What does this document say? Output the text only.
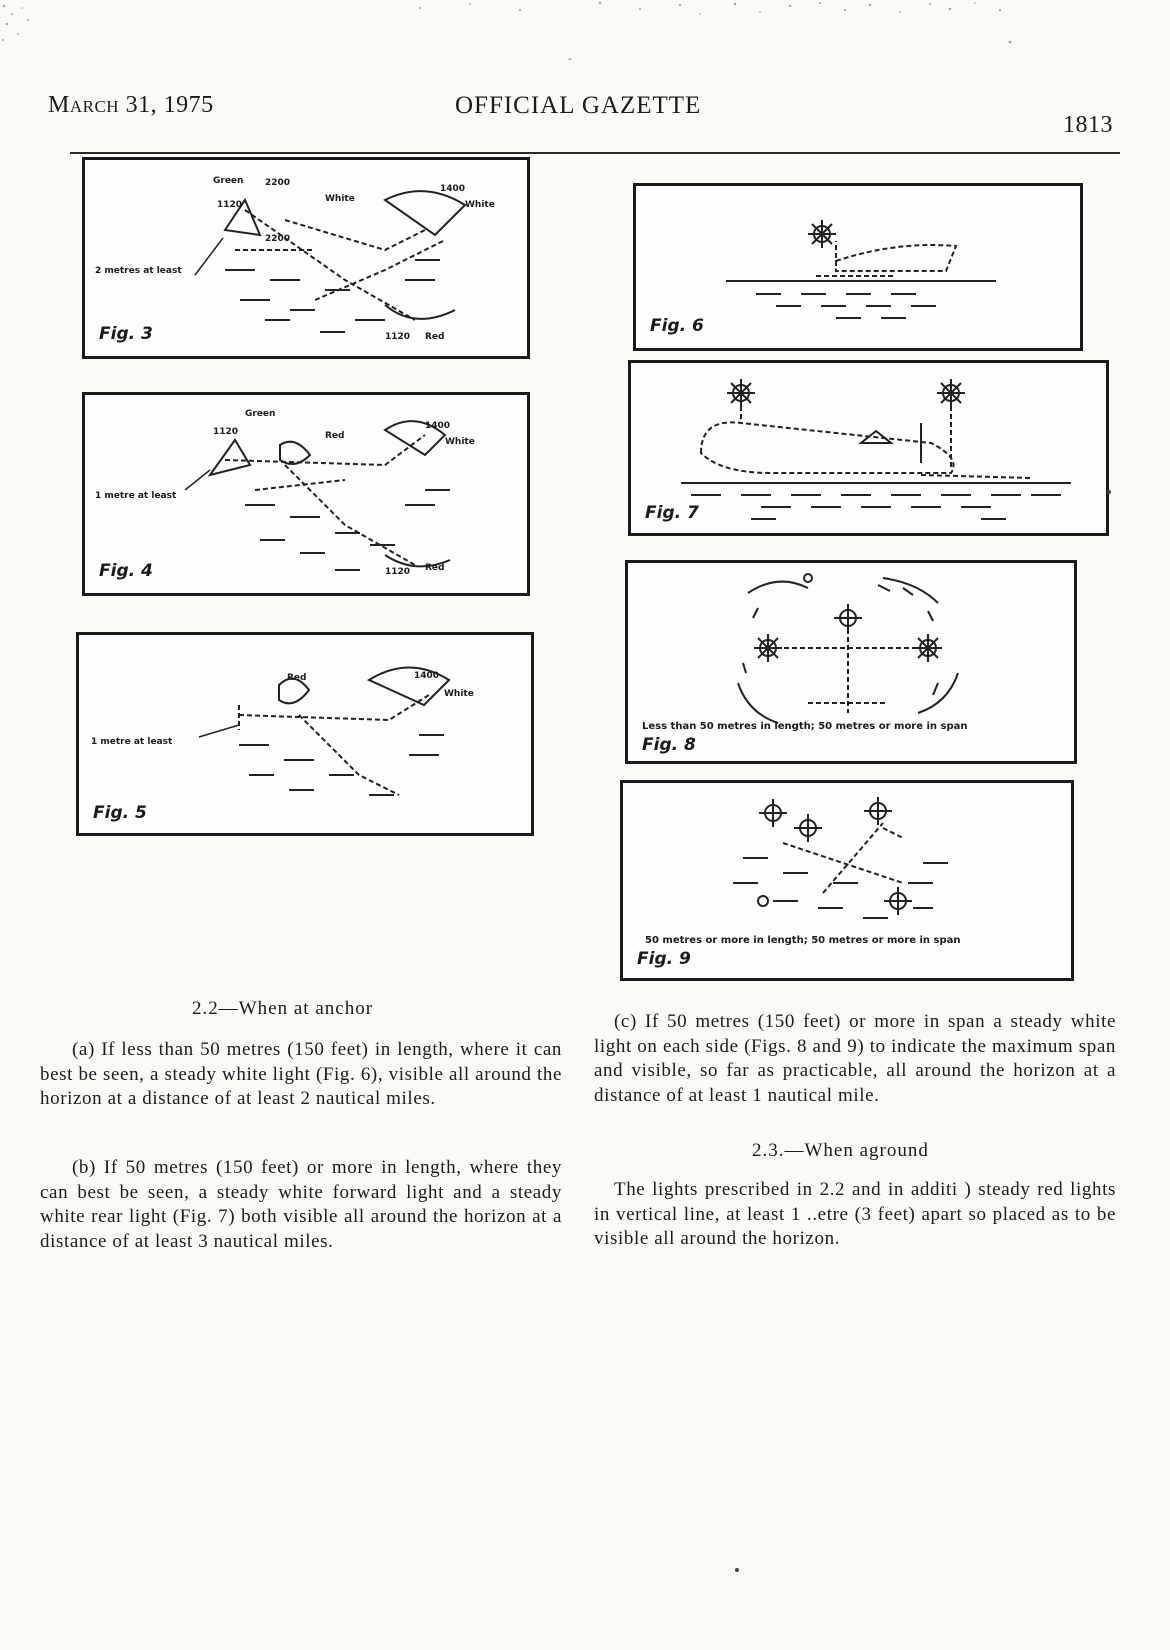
March 31, 1975	OFFICIAL GAZETTE
1813
Green 2200
White
1400
White
1120
2200
2 metres at least
1120 Red
Fig. 3
Green
1120	Red
1400
White
1 metre at least
1120 Red
Fig. 4
Red	1400
White
1 metre at least
Fig. 5
Fig. 6
Fig. 7
Less than 50 metres in length; 50 metres or more in span
Fig. 8
50 metres or more in length; 50 metres or more in span
Fig. 9
2.2—When at anchor
(a) If less than 50 metres (150 feet) in length, where it can best be seen, a steady white light (Fig. 6), visible all around the horizon at a distance of at least 2 nautical miles.
(b) If 50 metres (150 feet) or more in length, where they can best be seen, a steady white forward light and a steady white rear light (Fig. 7) both visible all around the horizon at a distance of at least 3 nautical miles.
(c) If 50 metres (150 feet) or more in span a steady white light on each side (Figs. 8 and 9) to indicate the maximum span and visible, so far as practicable, all around the horizon at a distance of at least 1 nautical mile.
2.3.—When aground
The lights prescribed in 2.2 and in additi ) steady red lights in vertical line, at least 1 ..etre (3 feet) apart so placed as to be visible all around the horizon.
